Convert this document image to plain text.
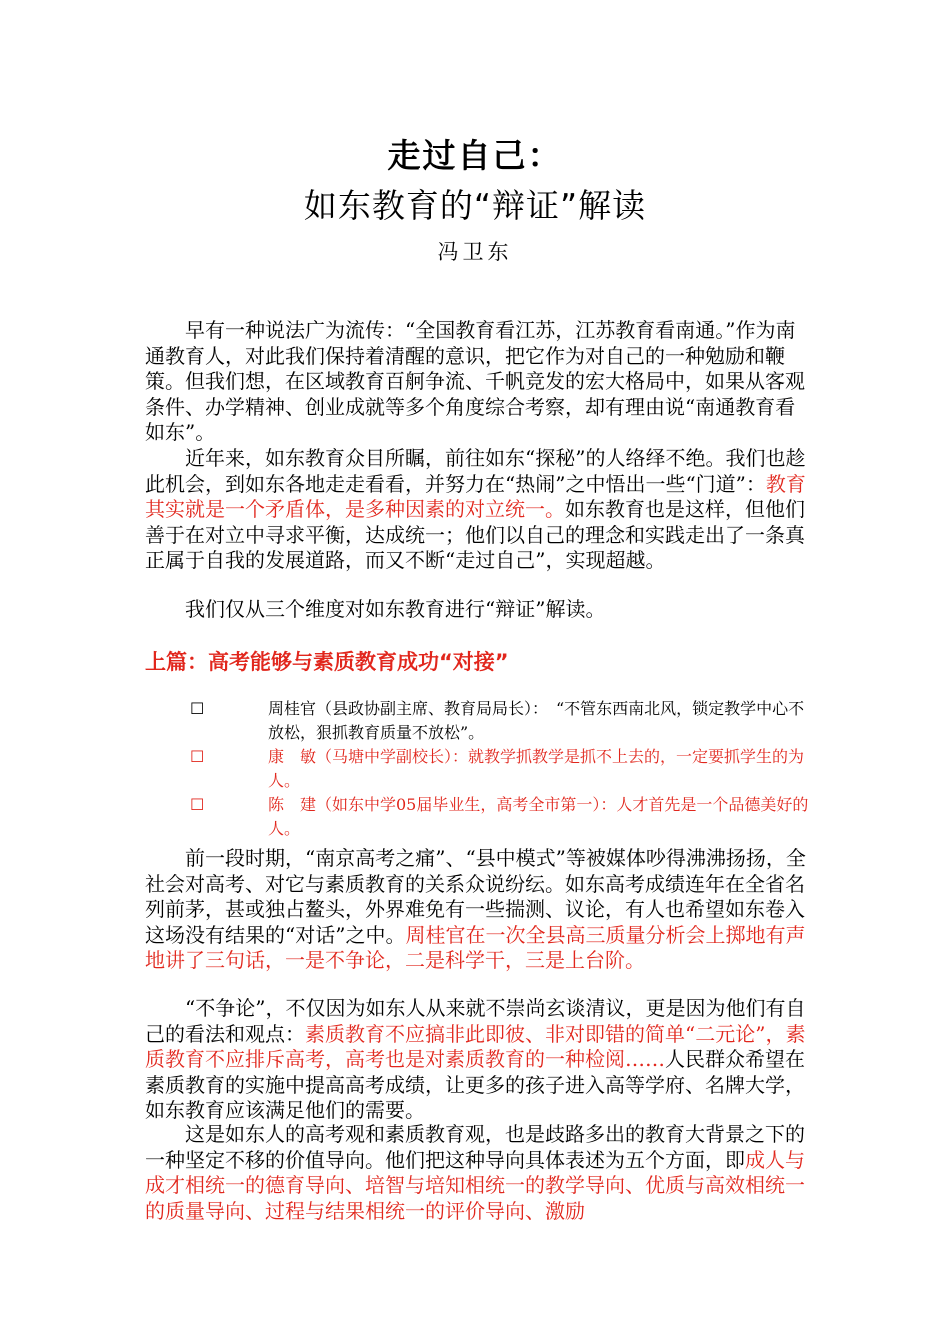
走过自己：
如东教育的“辩证”解读
冯卫东
早有一种说法广为流传：“全国教育看江苏，江苏教育看南通。”作为南通教育人，对此我们保持着清醒的意识，把它作为对自己的一种勉励和鞭策。但我们想，在区域教育百舸争流、千帆竞发的宏大格局中，如果从客观条件、办学精神、创业成就等多个角度综合考察，却有理由说“南通教育看如东”。
近年来，如东教育众目所瞩，前往如东“探秘”的人络绎不绝。我们也趁此机会，到如东各地走走看看，并努力在“热闹”之中悟出一些“门道”：教育其实就是一个矛盾体，是多种因素的对立统一。如东教育也是这样，但他们善于在对立中寻求平衡，达成统一；他们以自己的理念和实践走出了一条真正属于自我的发展道路，而又不断“走过自己”，实现超越。
我们仅从三个维度对如东教育进行“辩证”解读。
上篇：高考能够与素质教育成功“对接”
☐	周桂官（县政协副主席、教育局局长）：　“不管东西南北风，锁定教学中心不放松，狠抓教育质量不放松”。
☐	康　敏（马塘中学副校长）：就教学抓教学是抓不上去的，一定要抓学生的为人。
☐	陈　建（如东中学05届毕业生，高考全市第一）：人才首先是一个品德美好的人。
前一段时期，“南京高考之痛”、“县中模式”等被媒体吵得沸沸扬扬，全社会对高考、对它与素质教育的关系众说纷纭。如东高考成绩连年在全省名列前茅，甚或独占鳌头，外界难免有一些揣测、议论，有人也希望如东卷入这场没有结果的“对话”之中。周桂官在一次全县高三质量分析会上掷地有声地讲了三句话，一是不争论，二是科学干，三是上台阶。
“不争论”，不仅因为如东人从来就不崇尚玄谈清议，更是因为他们有自己的看法和观点：素质教育不应搞非此即彼、非对即错的简单“二元论”，素质教育不应排斥高考，高考也是对素质教育的一种检阅……人民群众希望在素质教育的实施中提高高考成绩，让更多的孩子进入高等学府、名牌大学，如东教育应该满足他们的需要。
这是如东人的高考观和素质教育观，也是歧路多出的教育大背景之下的一种坚定不移的价值导向。他们把这种导向具体表述为五个方面，即成人与成才相统一的德育导向、培智与培知相统一的教学导向、优质与高效相统一的质量导向、过程与结果相统一的评价导向、激励
